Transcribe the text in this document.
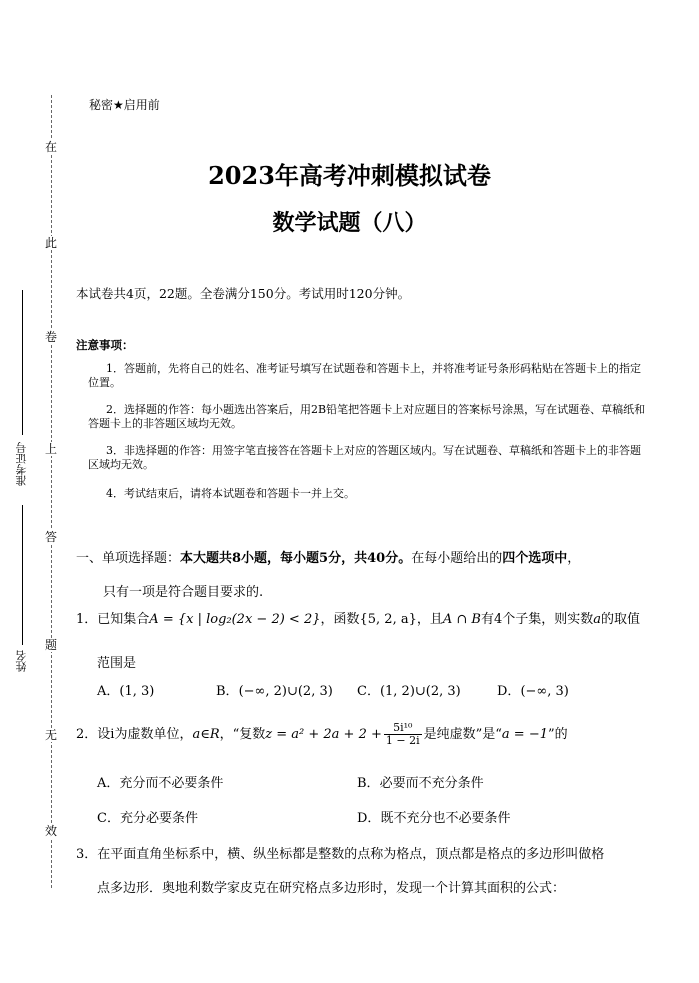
在
此
卷
上
答
题
无
效
准考证号
姓名
秘密★启用前
2023年高考冲刺模拟试卷
数学试题（八）
本试卷共4页，22题。全卷满分150分。考试用时120分钟。
注意事项：
1．答题前，先将自己的姓名、准考证号填写在试题卷和答题卡上，并将准考证号条形码粘贴在答题卡上的指定位置。
2．选择题的作答：每小题选出答案后，用2B铅笔把答题卡上对应题目的答案标号涂黑，写在试题卷、草稿纸和答题卡上的非答题区域均无效。
3．非选择题的作答：用签字笔直接答在答题卡上对应的答题区域内。写在试题卷、草稿纸和答题卡上的非答题区域均无效。
4．考试结束后，请将本试题卷和答题卡一并上交。
一、单项选择题：本大题共8小题，每小题5分，共40分。在每小题给出的四个选项中，
只有一项是符合题目要求的.
1．已知集合A = {x | log₂(2x − 2) < 2}，函数{5, 2, a}，且A ∩ B有4个子集，则实数a的取值
范围是
A．(1, 3)	B．(−∞, 2)∪(2, 3) C．(1, 2)∪(2, 3)	D．(−∞, 3)
2．设i为虚数单位，a∈R，“复数$z = a^2 + 2a + 2 + \frac{\text{5i¹⁰}}{1 - 2i}$ 是纯虚数”是“a = −1”的
A．充分而不必要条件	B．必要而不充分条件
C．充分必要条件	D．既不充分也不必要条件
3．在平面直角坐标系中，横、纵坐标都是整数的点称为格点，顶点都是格点的多边形叫做格
点多边形．奥地利数学家皮克在研究格点多边形时，发现一个计算其面积的公式：
